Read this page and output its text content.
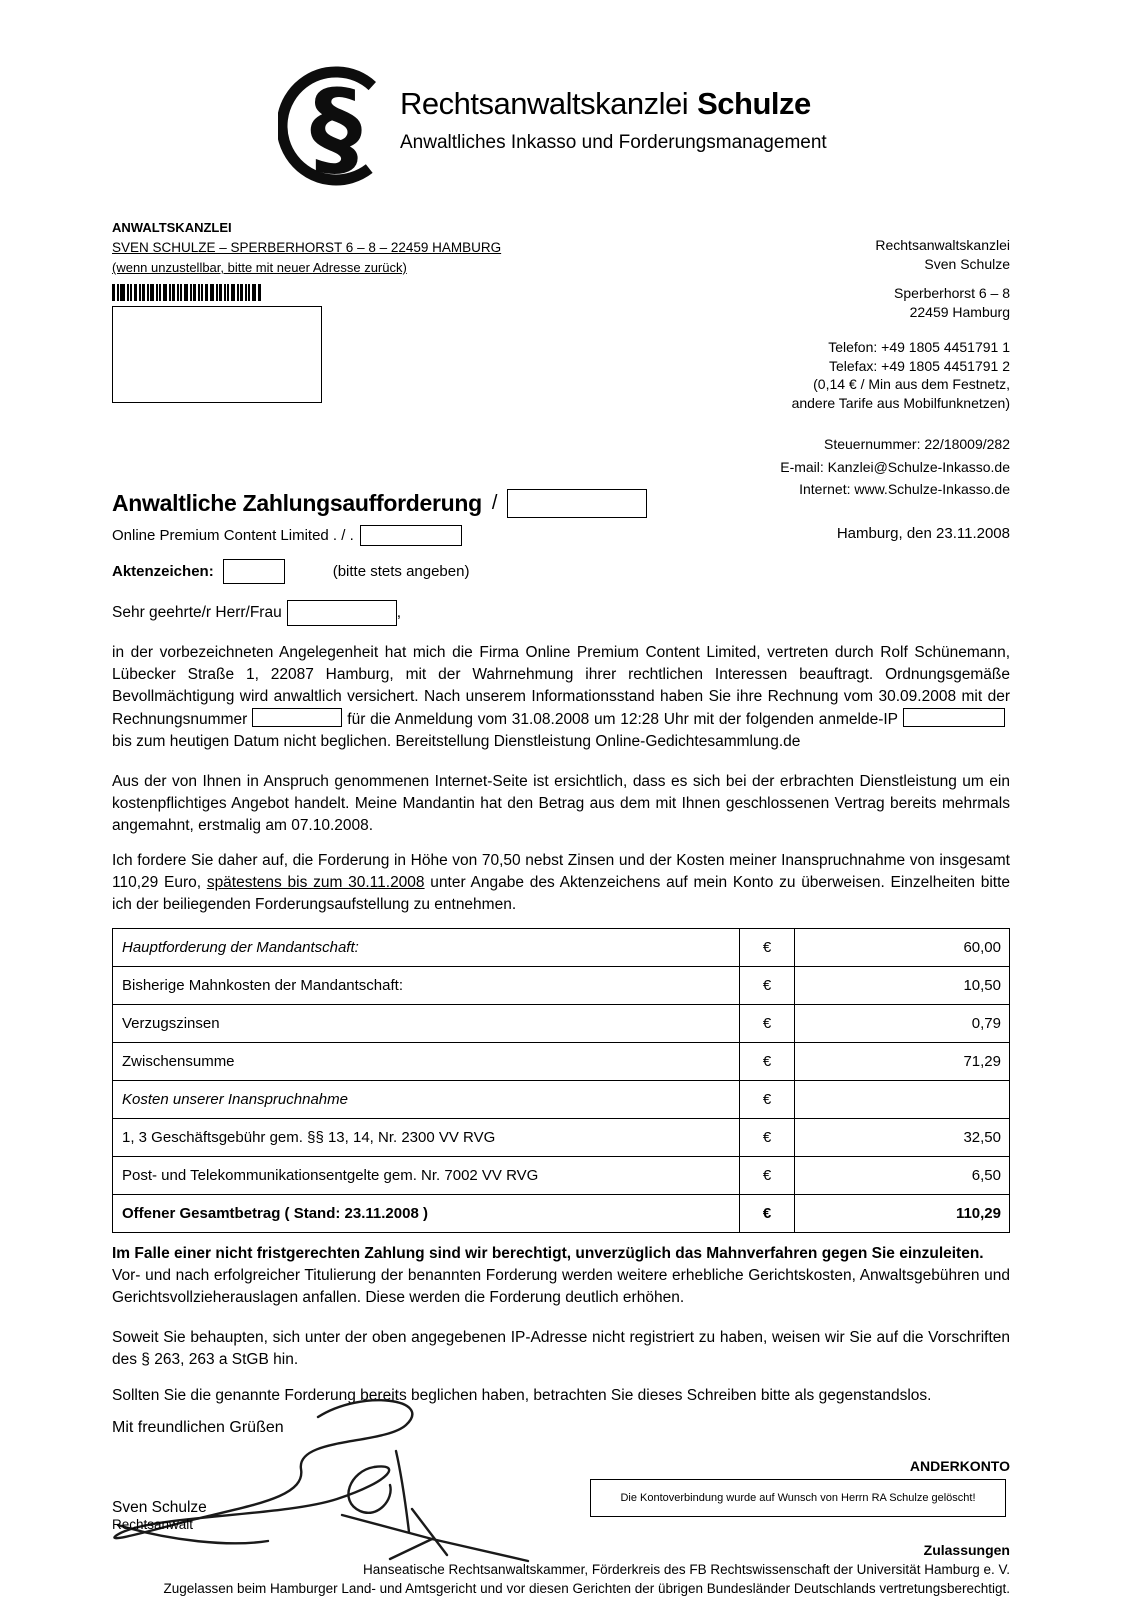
§ Rechtsanwaltskanzlei Schulze
Anwaltliches Inkasso und Forderungsmanagement
ANWALTSKANZLEI
SVEN SCHULZE – SPERBERHORST 6 – 8 – 22459 HAMBURG
(wenn unzustellbar, bitte mit neuer Adresse zurück)
Rechtsanwaltskanzlei
Sven Schulze
Sperberhorst 6 – 8
22459 Hamburg
Telefon: +49 1805 4451791 1
Telefax: +49 1805 4451791 2
(0,14 € / Min aus dem Festnetz,
andere Tarife aus Mobilfunknetzen)
Steuernummer: 22/18009/282
E-mail: Kanzlei@Schulze-Inkasso.de
Internet: www.Schulze-Inkasso.de
Anwaltliche Zahlungsaufforderung /
Online Premium Content Limited . / .	Hamburg, den 23.11.2008
Aktenzeichen:	(bitte stets angeben)
Sehr geehrte/r Herr/Frau	,

in der vorbezeichneten Angelegenheit hat mich die Firma Online Premium Content Limited, vertreten durch Rolf Schünemann, Lübecker Straße 1, 22087 Hamburg, mit der Wahrnehmung ihrer rechtlichen Interessen beauftragt. Ordnungsgemäße Bevollmächtigung wird anwaltlich versichert. Nach unserem Informationsstand haben Sie ihre Rechnung vom 30.09.2008 mit der Rechnungsnummer	für die Anmeldung vom 31.08.2008 um 12:28 Uhr mit der folgenden anmelde-IPbis zum heutigen Datum nicht beglichen. Bereitstellung Dienstleistung Online-Gedichtesammlung.de

Aus der von Ihnen in Anspruch genommenen Internet-Seite ist ersichtlich, dass es sich bei der erbrachten Dienstleistung um ein kostenpflichtiges Angebot handelt. Meine Mandantin hat den Betrag aus dem mit Ihnen geschlossenen Vertrag bereits mehrmals angemahnt, erstmalig am 07.10.2008.

Ich fordere Sie daher auf, die Forderung in Höhe von 70,50 nebst Zinsen und der Kosten meiner Inanspruchnahme von insgesamt 110,29 Euro, spätestens bis zum 30.11.2008 unter Angabe des Aktenzeichens auf mein Konto zu überweisen. Einzelheiten bitte ich der beiliegenden Forderungsaufstellung zu entnehmen.

Hauptforderung der Mandantschaft:	€	60,00
Bisherige Mahnkosten der Mandantschaft:	€	10,50
Verzugszinsen	€	0,79
Zwischensumme	€	71,29
Kosten unserer Inanspruchnahme	€	
1, 3 Geschäftsgebühr gem. §§ 13, 14, Nr. 2300 VV RVG	€	32,50
Post- und Telekommunikationsentgelte gem. Nr. 7002 VV RVG	€	6,50
Offener Gesamtbetrag ( Stand: 23.11.2008 )	€	110,29

Im Falle einer nicht fristgerechten Zahlung sind wir berechtigt, unverzüglich das Mahnverfahren gegen Sie einzuleiten.
Vor- und nach erfolgreicher Titulierung der benannten Forderung werden weitere erhebliche Gerichtskosten, Anwaltsgebühren und Gerichtsvollzieherauslagen anfallen. Diese werden die Forderung deutlich erhöhen.

Soweit Sie behaupten, sich unter der oben angegebenen IP-Adresse nicht registriert zu haben, weisen wir Sie auf die Vorschriften des § 263, 263 a StGB hin.

Sollten Sie die genannte Forderung bereits beglichen haben, betrachten Sie dieses Schreiben bitte als gegenstandslos.

Mit freundlichen Grüßen
Sven Schulze
Rechtsanwalt
ANDERKONTO
Die Kontoverbindung wurde auf Wunsch von Herrn RA Schulze gelöscht!
Zulassungen
Hanseatische Rechtsanwaltskammer, Förderkreis des FB Rechtswissenschaft der Universität Hamburg e. V.
Zugelassen beim Hamburger Land- und Amtsgericht und vor diesen Gerichten der übrigen Bundesländer Deutschlands vertretungsberechtigt.
